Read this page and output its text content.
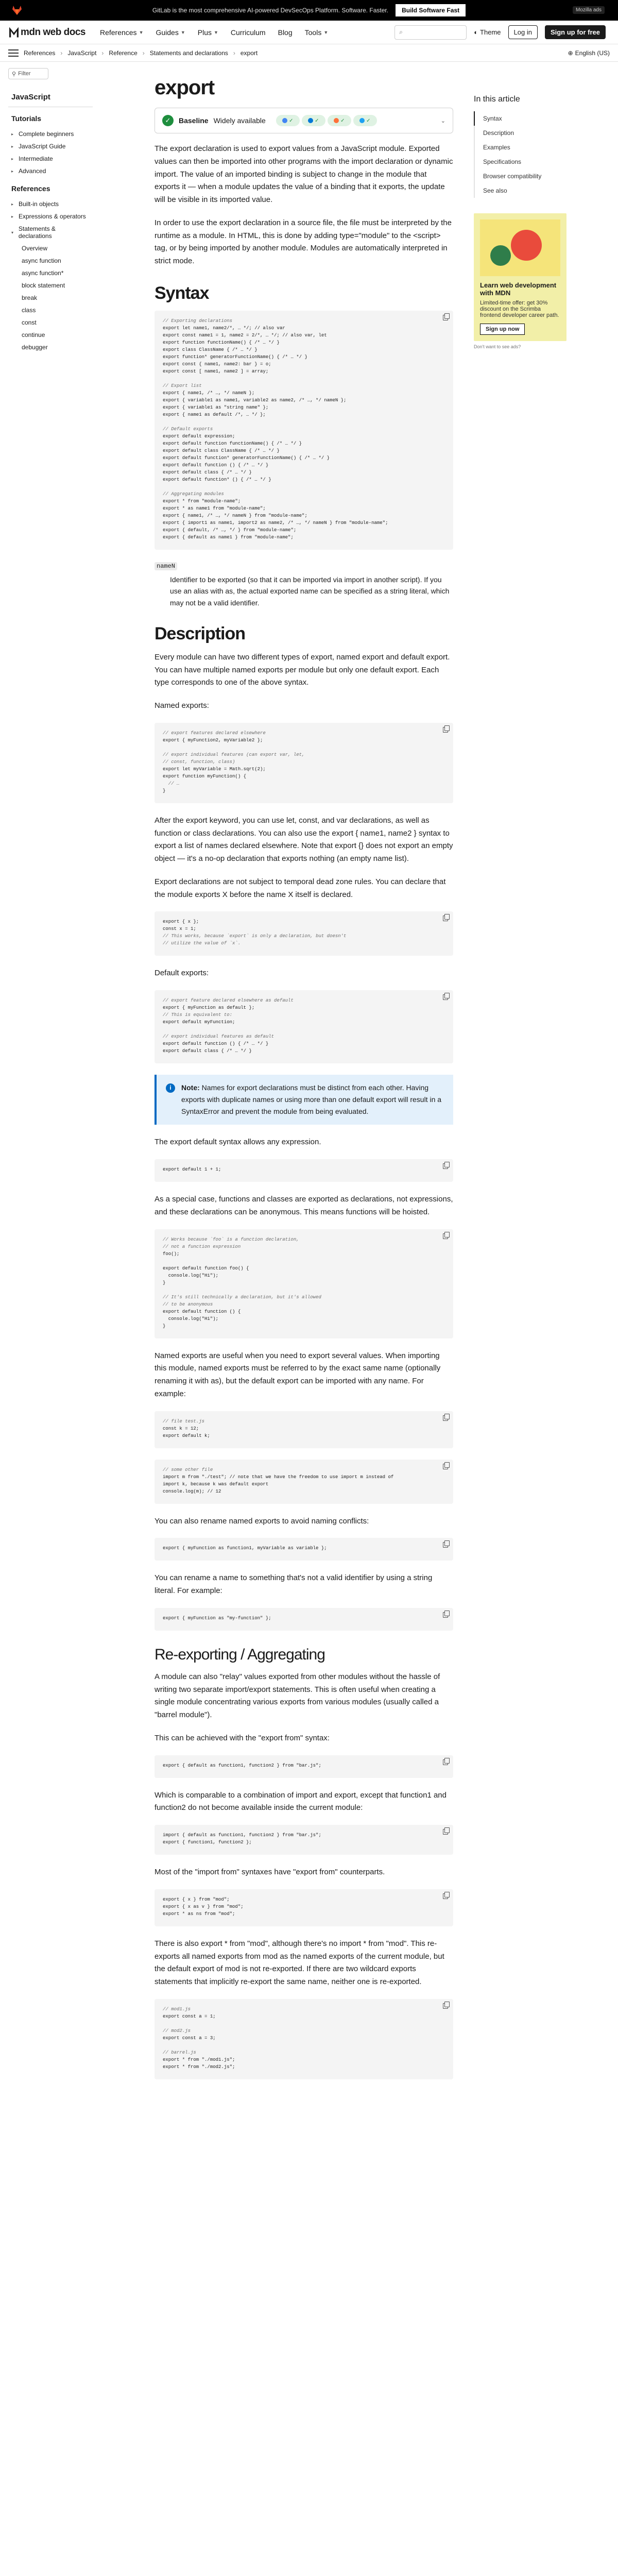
GitLab is the most comprehensive AI-powered DevSecOps Platform. Software. Faster.	Build Software Fast	Mozilla ads
mdn web docs References ▼ Guides ▼ Plus ▼ Curriculum Blog Tools ▼	⌕	◐ Theme	Log in	Sign up for free
References › JavaScript › Reference › Statements and declarations › export	⊕ English (US)
⚲ Filter
JavaScript
Tutorials
▸ Complete beginners
▸ JavaScript Guide
▸ Intermediate
▸ Advanced
References
▸ Built-in objects
▸ Expressions & operators
▾ Statements & declarations
Overview
async function
async function*
block statement
break
class
const
continue
debugger
export
✓	Baseline Widely available	✓	✓	✓	✓	⌄

The export declaration is used to export values from a JavaScript module. Exported values can then be imported into other programs with the import declaration or dynamic import. The value of an imported binding is subject to change in the module that exports it — when a module updates the value of a binding that it exports, the update will be visible in its imported value.

In order to use the export declaration in a source file, the file must be interpreted by the runtime as a module. In HTML, this is done by adding type="module" to the <script> tag, or by being imported by another module. Modules are automatically interpreted in strict mode.

Syntax
// Exporting declarations
export let name1, name2/*, … */; // also var
export const name1 = 1, name2 = 2/*, … */; // also var, let
export function functionName() { /* … */ }
export class ClassName { /* … */ }
export function* generatorFunctionName() { /* … */ }
export const { name1, name2: bar } = o;
export const [ name1, name2 ] = array;
// Export list
export { name1, /* …, */ nameN };
export { variable1 as name1, variable2 as name2, /* …, */ nameN };
export { variable1 as "string name" };
export { name1 as default /*, … */ };
// Default exports
export default expression;
export default function functionName() { /* … */ }
export default class ClassName { /* … */ }
export default function* generatorFunctionName() { /* … */ }
export default function () { /* … */ }
export default class { /* … */ }
export default function* () { /* … */ }
// Aggregating modules
export * from "module-name";
export * as name1 from "module-name";
export { name1, /* …, */ nameN } from "module-name";
export { import1 as name1, import2 as name2, /* …, */ nameN } from "module-name";
export { default, /* …, */ } from "module-name";
export { default as name1 } from "module-name";
nameN
Identifier to be exported (so that it can be imported via import in another script). If you use an alias with as, the actual exported name can be specified as a string literal, which may not be a valid identifier.
Description

Every module can have two different types of export, named export and default export. You can have multiple named exports per module but only one default export. Each type corresponds to one of the above syntax.

Named exports:

// export features declared elsewhere
export { myFunction2, myVariable2 };
// export individual features (can export var, let,
// const, function, class)
export let myVariable = Math.sqrt(2);
export function myFunction() {
// …
}

After the export keyword, you can use let, const, and var declarations, as well as function or class declarations. You can also use the export { name1, name2 } syntax to export a list of names declared elsewhere. Note that export {} does not export an empty object — it's a no-op declaration that exports nothing (an empty name list).

Export declarations are not subject to temporal dead zone rules. You can declare that the module exports X before the name X itself is declared.

export { x };
const x = 1;
// This works, because `export` is only a declaration, but doesn't
// utilize the value of `x`.

Default exports:

// export feature declared elsewhere as default
export { myFunction as default };
// This is equivalent to:
export default myFunction;
// export individual features as default
export default function () { /* … */ }
export default class { /* … */ }
i	Note: Names for export declarations must be distinct from each other. Having exports with duplicate names or using more than one default export will result in a SyntaxError and prevent the module from being evaluated.

The export default syntax allows any expression.

export default 1 + 1;

As a special case, functions and classes are exported as declarations, not expressions, and these declarations can be anonymous. This means functions will be hoisted.

// Works because `foo` is a function declaration,
// not a function expression
foo();
export default function foo() {
console.log("Hi");
}
// It's still technically a declaration, but it's allowed
// to be anonymous
export default function () {
console.log("Hi");
}

Named exports are useful when you need to export several values. When importing this module, named exports must be referred to by the exact same name (optionally renaming it with as), but the default export can be imported with any name. For example:

// file test.js
const k = 12;
export default k;
// some other file
import m from "./test"; // note that we have the freedom to use import m instead of
import k, because k was default export
console.log(m); // 12

You can also rename named exports to avoid naming conflicts:

export { myFunction as function1, myVariable as variable };

You can rename a name to something that's not a valid identifier by using a string literal. For example:

export { myFunction as "my-function" };
Re-exporting / Aggregating

A module can also "relay" values exported from other modules without the hassle of writing two separate import/export statements. This is often useful when creating a single module concentrating various exports from various modules (usually called a "barrel module").

This can be achieved with the "export from" syntax:

export { default as function1, function2 } from "bar.js";

Which is comparable to a combination of import and export, except that function1 and function2 do not become available inside the current module:

import { default as function1, function2 } from "bar.js";
export { function1, function2 };

Most of the "import from" syntaxes have "export from" counterparts.

export { x } from "mod";
export { x as v } from "mod";
export * as ns from "mod";

There is also export * from "mod", although there's no import * from "mod". This re-exports all named exports from mod as the named exports of the current module, but the default export of mod is not re-exported. If there are two wildcard exports statements that implicitly re-export the same name, neither one is re-exported.

// mod1.js
export const a = 1;
// mod2.js
export const a = 3;
// barrel.js
export * from "./mod1.js";
export * from "./mod2.js";
In this article
Syntax
Description
Examples
Specifications
Browser compatibility
See also
Learn web development with MDN
Limited-time offer: get 30% discount on the Scrimba frontend developer career path.
Sign up now
Don't want to see ads?
